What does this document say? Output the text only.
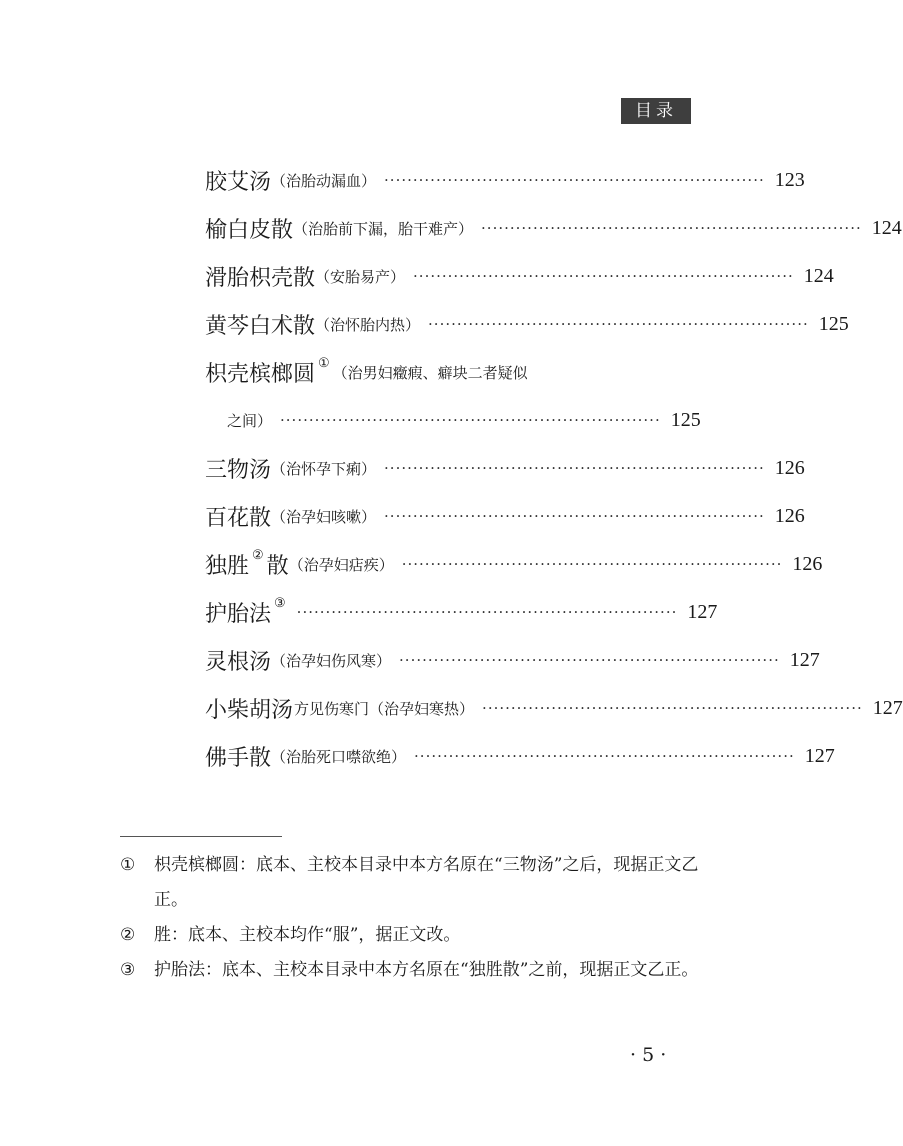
目录
胶艾汤 （治胎动漏血） ·································································· 123
榆白皮散 （治胎前下漏，胎干难产） ·································································· 124
滑胎枳壳散 （安胎易产） ·································································· 124
黄芩白术散 （治怀胎内热） ·································································· 125
枳壳槟榔圆 ①
（治男妇癥瘕、癖块二者疑似
之间） ·································································· 125
三物汤 （治怀孕下痢） ·································································· 126
百花散 （治孕妇咳嗽） ·································································· 126
独胜 ② 散 （治孕妇痁疾） ·································································· 126
护胎法 ③ ·································································· 127
灵根汤 （治孕妇伤风寒） ·································································· 127
小柴胡汤 方见伤寒门 （治孕妇寒热） ·································································· 127
佛手散 （治胎死口噤欲绝） ·································································· 127
①	枳壳槟榔圆：底本、主校本目录中本方名原在“三物汤”之后，现据正文乙正。
②	胜：底本、主校本均作“服”，据正文改。
③	护胎法：底本、主校本目录中本方名原在“独胜散”之前，现据正文乙正。
· 5 ·
